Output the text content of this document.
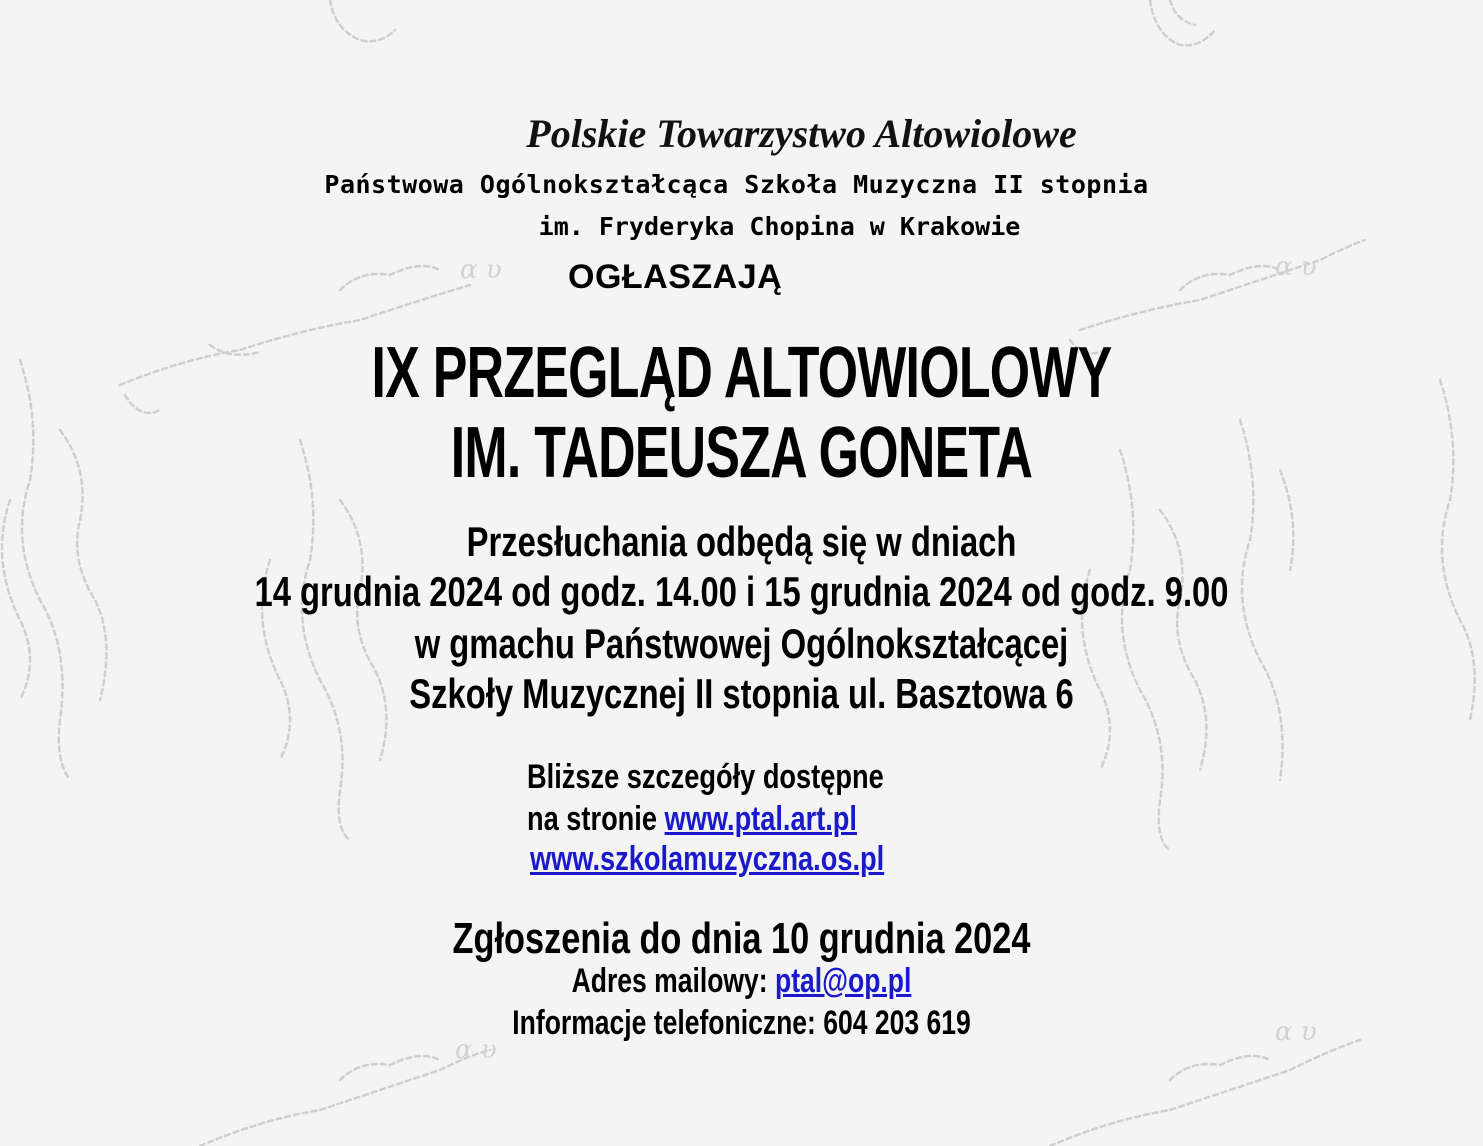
α υ	α υ
α υ
α υ
Polskie Towarzystwo Altowiolowe
Państwowa Ogólnokształcąca Szkoła Muzyczna II stopnia
im. Fryderyka Chopina w Krakowie
OGŁASZAJĄ
IX PRZEGLĄD ALTOWIOLOWY
IM. TADEUSZA GONETA
Przesłuchania odbędą się w dniach
14 grudnia 2024 od godz. 14.00 i 15 grudnia 2024 od godz. 9.00
w gmachu Państwowej Ogólnokształcącej
Szkoły Muzycznej II stopnia ul. Basztowa 6
Bliższe szczegóły dostępne
na stronie www.ptal.art.pl
www.szkolamuzyczna.os.pl
Zgłoszenia do dnia 10 grudnia 2024
Adres mailowy: ptal@op.pl
Informacje telefoniczne: 604 203 619
